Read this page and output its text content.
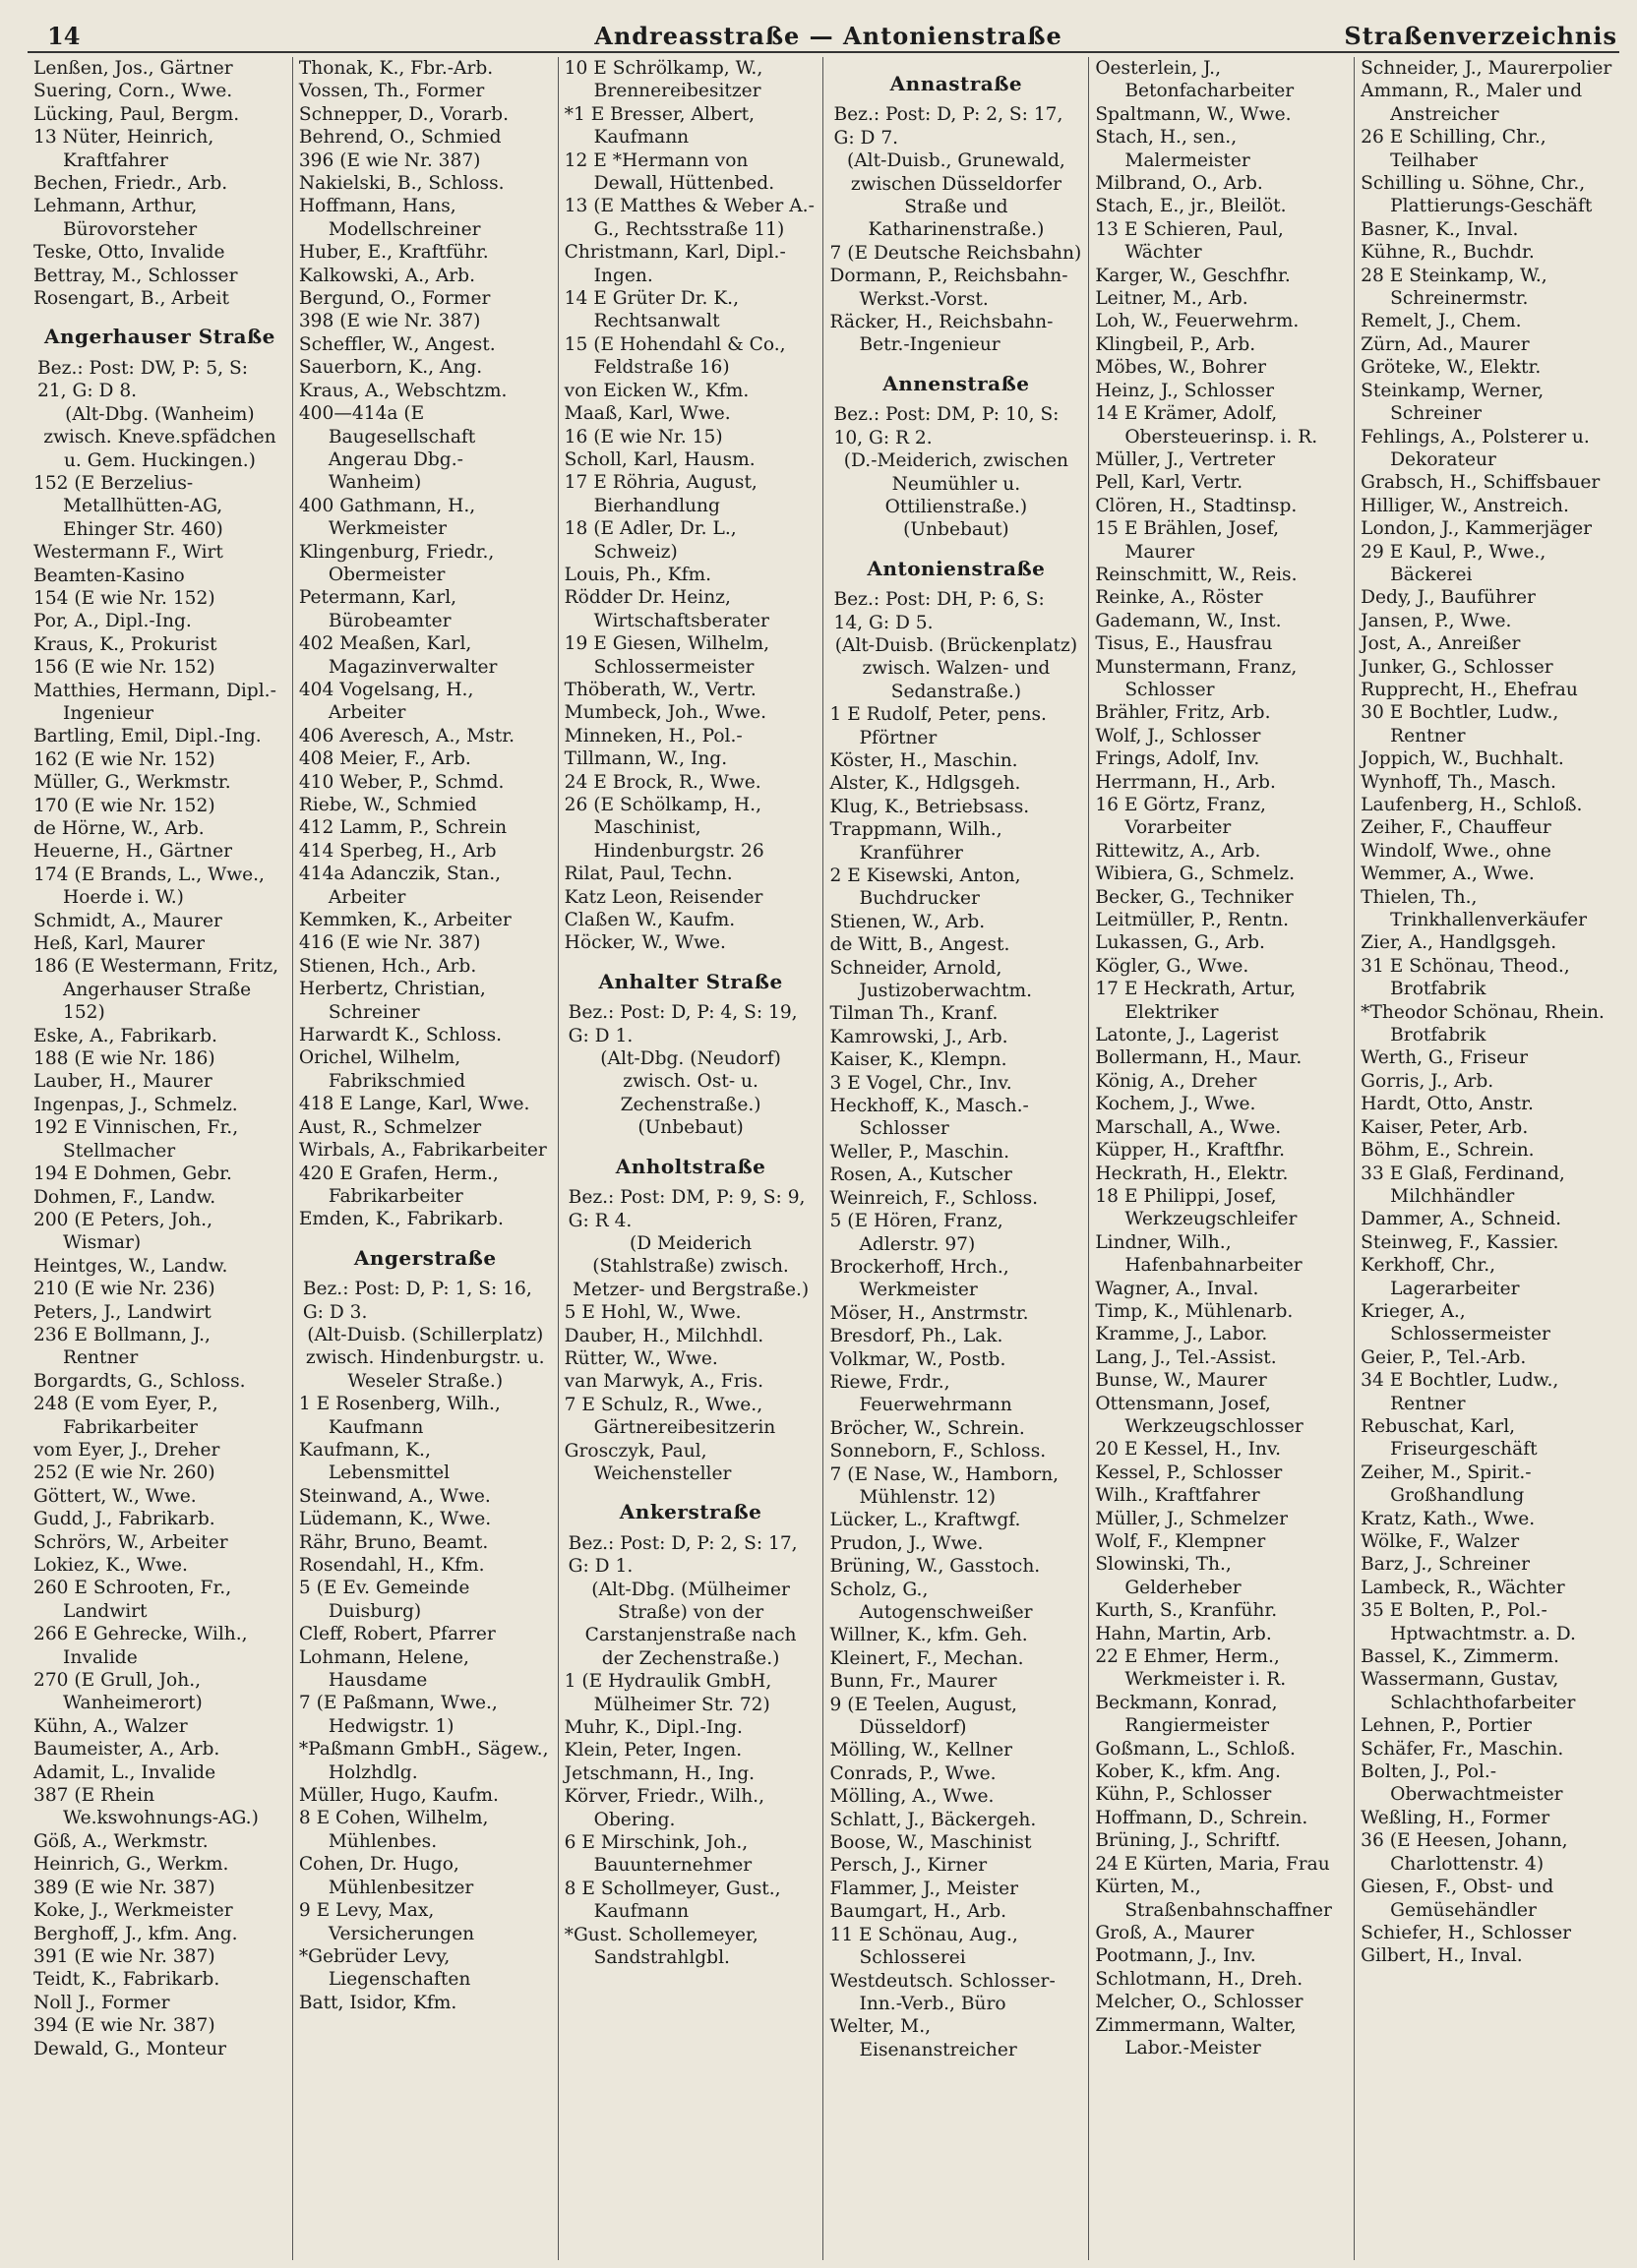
14	Andreasstraße — Antonienstraße	Straßenverzeichnis
Lenßen, Jos., Gärtner
Suering, Corn., Wwe.
Lücking, Paul, Bergm.
13 Nüter, Heinrich, Kraftfahrer
Bechen, Friedr., Arb.
Lehmann, Arthur, Bürovorsteher
Teske, Otto, Invalide
Bettray, M., Schlosser
Rosengart, B., Arbeit
Angerhauser Straße
Bez.: Post: DW, P: 5, S: 21, G: D 8.
(Alt-Dbg. (Wanheim) zwisch. Kneve.spfädchen u. Gem. Huckingen.)
152 (E Berzelius-Metallhütten-AG, Ehinger Str. 460)
Westermann F., Wirt
Beamten-Kasino
154 (E wie Nr. 152)
Por, A., Dipl.-Ing.
Kraus, K., Prokurist
156 (E wie Nr. 152)
Matthies, Hermann, Dipl.-Ingenieur
Bartling, Emil, Dipl.-Ing.
162 (E wie Nr. 152)
Müller, G., Werkmstr.
170 (E wie Nr. 152)
de Hörne, W., Arb.
Heuerne, H., Gärtner
174 (E Brands, L., Wwe., Hoerde i. W.)
Schmidt, A., Maurer
Heß, Karl, Maurer
186 (E Westermann, Fritz, Angerhauser Straße 152)
Eske, A., Fabrikarb.
188 (E wie Nr. 186)
Lauber, H., Maurer
Ingenpas, J., Schmelz.
192 E Vinnischen, Fr., Stellmacher
194 E Dohmen, Gebr.
Dohmen, F., Landw.
200 (E Peters, Joh., Wismar)
Heintges, W., Landw.
210 (E wie Nr. 236)
Peters, J., Landwirt
236 E Bollmann, J., Rentner
Borgardts, G., Schloss.
248 (E vom Eyer, P., Fabrikarbeiter
vom Eyer, J., Dreher
252 (E wie Nr. 260)
Göttert, W., Wwe.
Gudd, J., Fabrikarb.
Schrörs, W., Arbeiter
Lokiez, K., Wwe.
260 E Schrooten, Fr., Landwirt
266 E Gehrecke, Wilh., Invalide
270 (E Grull, Joh., Wanheimerort)
Kühn, A., Walzer
Baumeister, A., Arb.
Adamit, L., Invalide
387 (E Rhein We.kswohnungs-AG.)
Göß, A., Werkmstr.
Heinrich, G., Werkm.
389 (E wie Nr. 387)
Koke, J., Werkmeister
Berghoff, J., kfm. Ang.
391 (E wie Nr. 387)
Teidt, K., Fabrikarb.
Noll J., Former
394 (E wie Nr. 387)
Dewald, G., Monteur
Thonak, K., Fbr.-Arb.
Vossen, Th., Former
Schnepper, D., Vorarb.
Behrend, O., Schmied
396 (E wie Nr. 387)
Nakielski, B., Schloss.
Hoffmann, Hans, Modellschreiner
Huber, E., Kraftführ.
Kalkowski, A., Arb.
Bergund, O., Former
398 (E wie Nr. 387)
Scheffler, W., Angest.
Sauerborn, K., Ang.
Kraus, A., Webschtzm.
400—414a (E Baugesellschaft Angerau Dbg.-Wanheim)
400 Gathmann, H., Werkmeister
Klingenburg, Friedr., Obermeister
Petermann, Karl, Bürobeamter
402 Meaßen, Karl, Magazinverwalter
404 Vogelsang, H., Arbeiter
406 Averesch, A., Mstr.
408 Meier, F., Arb.
410 Weber, P., Schmd.
Riebe, W., Schmied
412 Lamm, P., Schrein
414 Sperbeg, H., Arb
414a Adanczik, Stan., Arbeiter
Kemmken, K., Arbeiter
416 (E wie Nr. 387)
Stienen, Hch., Arb.
Herbertz, Christian, Schreiner
Harwardt K., Schloss.
Orichel, Wilhelm, Fabrikschmied
418 E Lange, Karl, Wwe.
Aust, R., Schmelzer
Wirbals, A., Fabrikarbeiter
420 E Grafen, Herm., Fabrikarbeiter
Emden, K., Fabrikarb.
Angerstraße
Bez.: Post: D, P: 1, S: 16, G: D 3.
(Alt-Duisb. (Schillerplatz) zwisch. Hindenburgstr. u. Weseler Straße.)
1 E Rosenberg, Wilh., Kaufmann
Kaufmann, K., Lebensmittel
Steinwand, A., Wwe.
Lüdemann, K., Wwe.
Rähr, Bruno, Beamt.
Rosendahl, H., Kfm.
5 (E Ev. Gemeinde Duisburg)
Cleff, Robert, Pfarrer
Lohmann, Helene, Hausdame
7 (E Paßmann, Wwe., Hedwigstr. 1)
*Paßmann GmbH., Sägew., Holzhdlg.
Müller, Hugo, Kaufm.
8 E Cohen, Wilhelm, Mühlenbes.
Cohen, Dr. Hugo, Mühlenbesitzer
9 E Levy, Max, Versicherungen
*Gebrüder Levy, Liegenschaften
Batt, Isidor, Kfm.
10 E Schrölkamp, W., Brennereibesitzer
*1 E Bresser, Albert, Kaufmann
12 E *Hermann von Dewall, Hüttenbed.
13 (E Matthes & Weber A.-G., Rechtsstraße 11)
Christmann, Karl, Dipl.-Ingen.
14 E Grüter Dr. K., Rechtsanwalt
15 (E Hohendahl & Co., Feldstraße 16)
von Eicken W., Kfm.
Maaß, Karl, Wwe.
16 (E wie Nr. 15)
Scholl, Karl, Hausm.
17 E Röhria, August, Bierhandlung
18 (E Adler, Dr. L., Schweiz)
Louis, Ph., Kfm.
Rödder Dr. Heinz, Wirtschaftsberater
19 E Giesen, Wilhelm, Schlossermeister
Thöberath, W., Vertr.
Mumbeck, Joh., Wwe.
Minneken, H., Pol.-
Tillmann, W., Ing.
24 E Brock, R., Wwe.
26 (E Schölkamp, H., Maschinist, Hindenburgstr. 26
Rilat, Paul, Techn.
Katz Leon, Reisender
Claßen W., Kaufm.
Höcker, W., Wwe.
Anhalter Straße
Bez.: Post: D, P: 4, S: 19, G: D 1.
(Alt-Dbg. (Neudorf) zwisch. Ost- u. Zechenstraße.)
(Unbebaut)
Anholtstraße
Bez.: Post: DM, P: 9, S: 9, G: R 4.
(D Meiderich (Stahlstraße) zwisch. Metzer- und Bergstraße.)
5 E Hohl, W., Wwe.
Dauber, H., Milchhdl.
Rütter, W., Wwe.
van Marwyk, A., Fris.
7 E Schulz, R., Wwe., Gärtnereibesitzerin
Grosczyk, Paul, Weichensteller
Ankerstraße
Bez.: Post: D, P: 2, S: 17, G: D 1.
(Alt-Dbg. (Mülheimer Straße) von der Carstanjenstraße nach der Zechenstraße.)
1 (E Hydraulik GmbH, Mülheimer Str. 72)
Muhr, K., Dipl.-Ing.
Klein, Peter, Ingen.
Jetschmann, H., Ing.
Körver, Friedr., Wilh., Obering.
6 E Mirschink, Joh., Bauunternehmer
8 E Schollmeyer, Gust., Kaufmann
*Gust. Schollemeyer, Sandstrahlgbl.
Annastraße
Bez.: Post: D, P: 2, S: 17, G: D 7.
(Alt-Duisb., Grunewald, zwischen Düsseldorfer Straße und Katharinenstraße.)
7 (E Deutsche Reichsbahn)
Dormann, P., Reichsbahn-Werkst.-Vorst.
Räcker, H., Reichsbahn-Betr.-Ingenieur
Annenstraße
Bez.: Post: DM, P: 10, S: 10, G: R 2.
(D.-Meiderich, zwischen Neumühler u. Ottilienstraße.)
(Unbebaut)
Antonienstraße
Bez.: Post: DH, P: 6, S: 14, G: D 5.
(Alt-Duisb. (Brückenplatz) zwisch. Walzen- und Sedanstraße.)
1 E Rudolf, Peter, pens. Pförtner
Köster, H., Maschin.
Alster, K., Hdlgsgeh.
Klug, K., Betriebsass.
Trappmann, Wilh., Kranführer
2 E Kisewski, Anton, Buchdrucker
Stienen, W., Arb.
de Witt, B., Angest.
Schneider, Arnold, Justizoberwachtm.
Tilman Th., Kranf.
Kamrowski, J., Arb.
Kaiser, K., Klempn.
3 E Vogel, Chr., Inv.
Heckhoff, K., Masch.-Schlosser
Weller, P., Maschin.
Rosen, A., Kutscher
Weinreich, F., Schloss.
5 (E Hören, Franz, Adlerstr. 97)
Brockerhoff, Hrch., Werkmeister
Möser, H., Anstrmstr.
Bresdorf, Ph., Lak.
Volkmar, W., Postb.
Riewe, Frdr., Feuerwehrmann
Bröcher, W., Schrein.
Sonneborn, F., Schloss.
7 (E Nase, W., Hamborn, Mühlenstr. 12)
Lücker, L., Kraftwgf.
Prudon, J., Wwe.
Brüning, W., Gasstoch.
Scholz, G., Autogenschweißer
Willner, K., kfm. Geh.
Kleinert, F., Mechan.
Bunn, Fr., Maurer
9 (E Teelen, August, Düsseldorf)
Mölling, W., Kellner
Conrads, P., Wwe.
Mölling, A., Wwe.
Schlatt, J., Bäckergeh.
Boose, W., Maschinist
Persch, J., Kirner
Flammer, J., Meister
Baumgart, H., Arb.
11 E Schönau, Aug., Schlosserei
Westdeutsch. Schlosser-Inn.-Verb., Büro
Welter, M., Eisenanstreicher
Oesterlein, J., Betonfacharbeiter
Spaltmann, W., Wwe.
Stach, H., sen., Malermeister
Milbrand, O., Arb.
Stach, E., jr., Bleilöt.
13 E Schieren, Paul, Wächter
Karger, W., Geschfhr.
Leitner, M., Arb.
Loh, W., Feuerwehrm.
Klingbeil, P., Arb.
Möbes, W., Bohrer
Heinz, J., Schlosser
14 E Krämer, Adolf, Obersteuerinsp. i. R.
Müller, J., Vertreter
Pell, Karl, Vertr.
Clören, H., Stadtinsp.
15 E Brählen, Josef, Maurer
Reinschmitt, W., Reis.
Reinke, A., Röster
Gademann, W., Inst.
Tisus, E., Hausfrau
Munstermann, Franz, Schlosser
Brähler, Fritz, Arb.
Wolf, J., Schlosser
Frings, Adolf, Inv.
Herrmann, H., Arb.
16 E Görtz, Franz, Vorarbeiter
Rittewitz, A., Arb.
Wibiera, G., Schmelz.
Becker, G., Techniker
Leitmüller, P., Rentn.
Lukassen, G., Arb.
Kögler, G., Wwe.
17 E Heckrath, Artur, Elektriker
Latonte, J., Lagerist
Bollermann, H., Maur.
König, A., Dreher
Kochem, J., Wwe.
Marschall, A., Wwe.
Küpper, H., Kraftfhr.
Heckrath, H., Elektr.
18 E Philippi, Josef, Werkzeugschleifer
Lindner, Wilh., Hafenbahnarbeiter
Wagner, A., Inval.
Timp, K., Mühlenarb.
Kramme, J., Labor.
Lang, J., Tel.-Assist.
Bunse, W., Maurer
Ottensmann, Josef, Werkzeugschlosser
20 E Kessel, H., Inv.
Kessel, P., Schlosser
Wilh., Kraftfahrer
Müller, J., Schmelzer
Wolf, F., Klempner
Slowinski, Th., Gelderheber
Kurth, S., Kranführ.
Hahn, Martin, Arb.
22 E Ehmer, Herm., Werkmeister i. R.
Beckmann, Konrad, Rangiermeister
Goßmann, L., Schloß.
Kober, K., kfm. Ang.
Kühn, P., Schlosser
Hoffmann, D., Schrein.
Brüning, J., Schriftf.
24 E Kürten, Maria, Frau
Kürten, M., Straßenbahnschaffner
Groß, A., Maurer
Pootmann, J., Inv.
Schlotmann, H., Dreh.
Melcher, O., Schlosser
Zimmermann, Walter, Labor.-Meister
Schneider, J., Maurerpolier
Ammann, R., Maler und Anstreicher
26 E Schilling, Chr., Teilhaber
Schilling u. Söhne, Chr., Plattierungs-Geschäft
Basner, K., Inval.
Kühne, R., Buchdr.
28 E Steinkamp, W., Schreinermstr.
Remelt, J., Chem.
Zürn, Ad., Maurer
Gröteke, W., Elektr.
Steinkamp, Werner, Schreiner
Fehlings, A., Polsterer u. Dekorateur
Grabsch, H., Schiffsbauer
Hilliger, W., Anstreich.
London, J., Kammerjäger
29 E Kaul, P., Wwe., Bäckerei
Dedy, J., Bauführer
Jansen, P., Wwe.
Jost, A., Anreißer
Junker, G., Schlosser
Rupprecht, H., Ehefrau
30 E Bochtler, Ludw., Rentner
Joppich, W., Buchhalt.
Wynhoff, Th., Masch.
Laufenberg, H., Schloß.
Zeiher, F., Chauffeur
Windolf, Wwe., ohne
Wemmer, A., Wwe.
Thielen, Th., Trinkhallenverkäufer
Zier, A., Handlgsgeh.
31 E Schönau, Theod., Brotfabrik
*Theodor Schönau, Rhein. Brotfabrik
Werth, G., Friseur
Gorris, J., Arb.
Hardt, Otto, Anstr.
Kaiser, Peter, Arb.
Böhm, E., Schrein.
33 E Glaß, Ferdinand, Milchhändler
Dammer, A., Schneid.
Steinweg, F., Kassier.
Kerkhoff, Chr., Lagerarbeiter
Krieger, A., Schlossermeister
Geier, P., Tel.-Arb.
34 E Bochtler, Ludw., Rentner
Rebuschat, Karl, Friseurgeschäft
Zeiher, M., Spirit.-Großhandlung
Kratz, Kath., Wwe.
Wölke, F., Walzer
Barz, J., Schreiner
Lambeck, R., Wächter
35 E Bolten, P., Pol.-Hptwachtmstr. a. D.
Bassel, K., Zimmerm.
Wassermann, Gustav, Schlachthofarbeiter
Lehnen, P., Portier
Schäfer, Fr., Maschin.
Bolten, J., Pol.-Oberwachtmeister
Weßling, H., Former
36 (E Heesen, Johann, Charlottenstr. 4)
Giesen, F., Obst- und Gemüsehändler
Schiefer, H., Schlosser
Gilbert, H., Inval.
